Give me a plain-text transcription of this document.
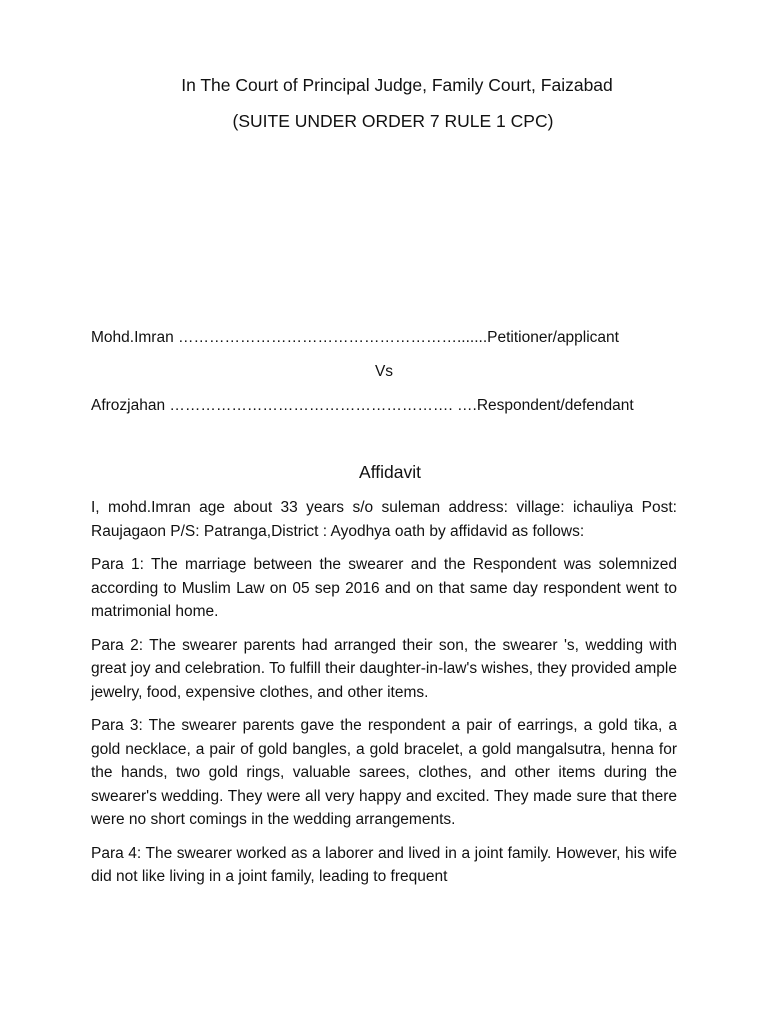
In The Court of Principal Judge, Family Court, Faizabad
(SUITE UNDER ORDER 7 RULE 1 CPC)

Mohd.Imran ……………………………………………….......Petitioner/applicant

Vs

Afrozjahan ………………………………………………. ….Respondent/defendant

Affidavit

I, mohd.Imran age about 33 years s/o suleman address: village: ichauliya Post: Raujagaon P/S: Patranga,District : Ayodhya oath by affidavid as follows:

Para 1: The marriage between the swearer and the Respondent was solemnized according to Muslim Law on 05 sep 2016 and on that same day respondent went to matrimonial home.

Para 2: The swearer parents had arranged their son, the swearer 's, wedding with great joy and celebration. To fulfill their daughter-in-law's wishes, they provided ample jewelry, food, expensive clothes, and other items.

Para 3: The swearer parents gave the respondent a pair of earrings, a gold tika, a gold necklace, a pair of gold bangles, a gold bracelet, a gold mangalsutra, henna for the hands, two gold rings, valuable sarees, clothes, and other items during the swearer's wedding. They were all very happy and excited. They made sure that there were no short comings in the wedding arrangements.

Para 4: The swearer worked as a laborer and lived in a joint family. However, his wife did not like living in a joint family, leading to frequent
